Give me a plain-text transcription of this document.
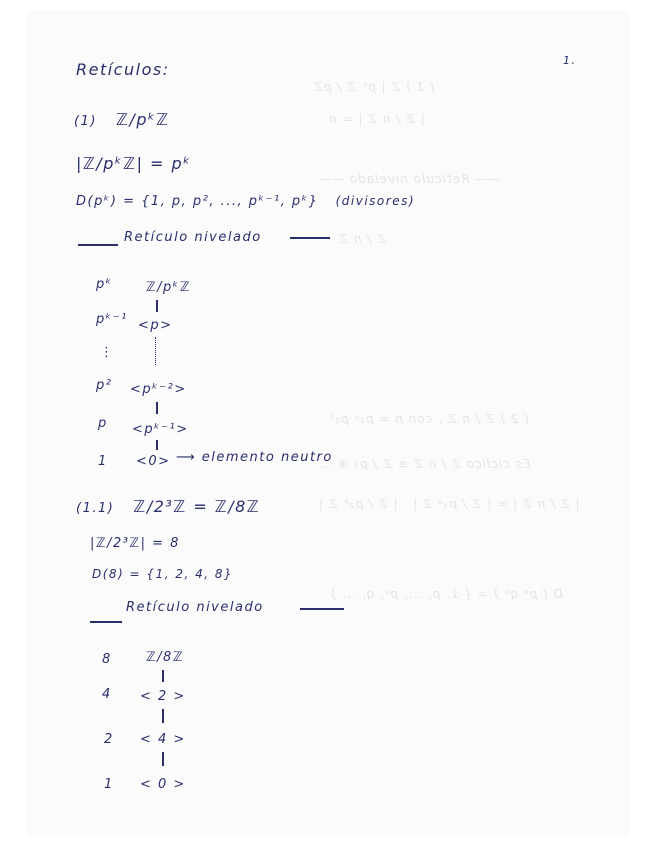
( 1 ) ℤ | pᵏ ℤ / pℤ
| ℤ / n ℤ | = n
—— Retículo nivelado ——
ℤ / n ℤ
( 2 ) ℤ / n ℤ , con n = p₁ᵃ p₂ᵇ
Es cíclico ℤ / n ℤ ≅ ℤ / p₁ ⊕ ...
| ℤ / n ℤ | = | ℤ / p₁ᵃ ℤ | · | ℤ / p₂ᵇ ℤ |
D ( pᵃ qᵇ ) = { 1, p, ..., pᵃ, q, ... }
1.
Retículos:
(1) ℤ/pᵏℤ
|ℤ/pᵏℤ| = pᵏ
D(pᵏ) = {1, p, p², ..., pᵏ⁻¹, pᵏ} (divisores)
Retículo nivelado
pᵏ	ℤ/pᵏℤ
pᵏ⁻¹ <p>
⋮
p² <pᵏ⁻²>
p <pᵏ⁻¹>
1 <0> ⟶ elemento neutro
(1.1) ℤ/2³ℤ = ℤ/8ℤ
|ℤ/2³ℤ| = 8
D(8) = {1, 2, 4, 8}
Retículo nivelado
8	ℤ/8ℤ
4 < 2 >
2 < 4 >
1 < 0 >
